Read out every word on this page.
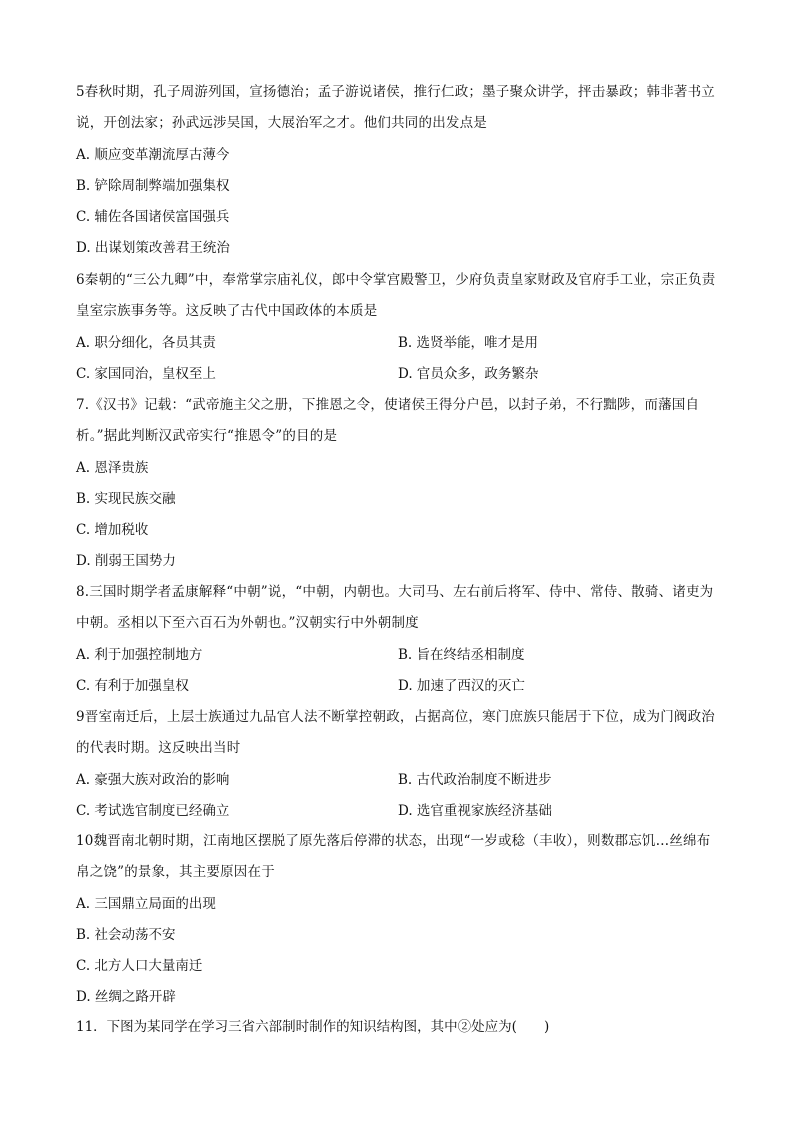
5春秋时期，孔子周游列国，宣扬德治；孟子游说诸侯，推行仁政；墨子聚众讲学，抨击暴政；韩非著书立说，开创法家；孙武远涉吴国，大展治军之才。他们共同的出发点是
A. 顺应变革潮流厚古薄今
B. 铲除周制弊端加强集权
C. 辅佐各国诸侯富国强兵
D. 出谋划策改善君王统治
6秦朝的“三公九卿”中，奉常掌宗庙礼仪，郎中令掌宫殿警卫，少府负责皇家财政及官府手工业，宗正负责皇室宗族事务等。这反映了古代中国政体的本质是
A. 职分细化，各员其责	B. 选贤举能，唯才是用
C. 家国同治，皇权至上	D. 官员众多，政务繁杂
7.《汉书》记载：“武帝施主父之册，下推恩之令，使诸侯王得分户邑，以封子弟，不行黜陟，而藩国自析。”据此判断汉武帝实行“推恩令”的目的是
A. 恩泽贵族
B. 实现民族交融
C. 增加税收
D. 削弱王国势力
8.三国时期学者孟康解释“中朝”说，“中朝，内朝也。大司马、左右前后将军、侍中、常侍、散骑、诸吏为中朝。丞相以下至六百石为外朝也。”汉朝实行中外朝制度
A. 利于加强控制地方	B. 旨在终结丞相制度
C. 有利于加强皇权	D. 加速了西汉的灭亡
9晋室南迁后，上层士族通过九品官人法不断掌控朝政，占据高位，寒门庶族只能居于下位，成为门阀政治的代表时期。这反映出当时
A. 豪强大族对政治的影响	B. 古代政治制度不断进步
C. 考试选官制度已经确立	D. 选官重视家族经济基础
10魏晋南北朝时期，江南地区摆脱了原先落后停滞的状态，出现“一岁或稔（丰收），则数郡忘饥…丝绵布帛之饶”的景象，其主要原因在于
A. 三国鼎立局面的出现
B. 社会动荡不安
C. 北方人口大量南迁
D. 丝绸之路开辟
11．下图为某同学在学习三省六部制时制作的知识结构图，其中②处应为(　　)
